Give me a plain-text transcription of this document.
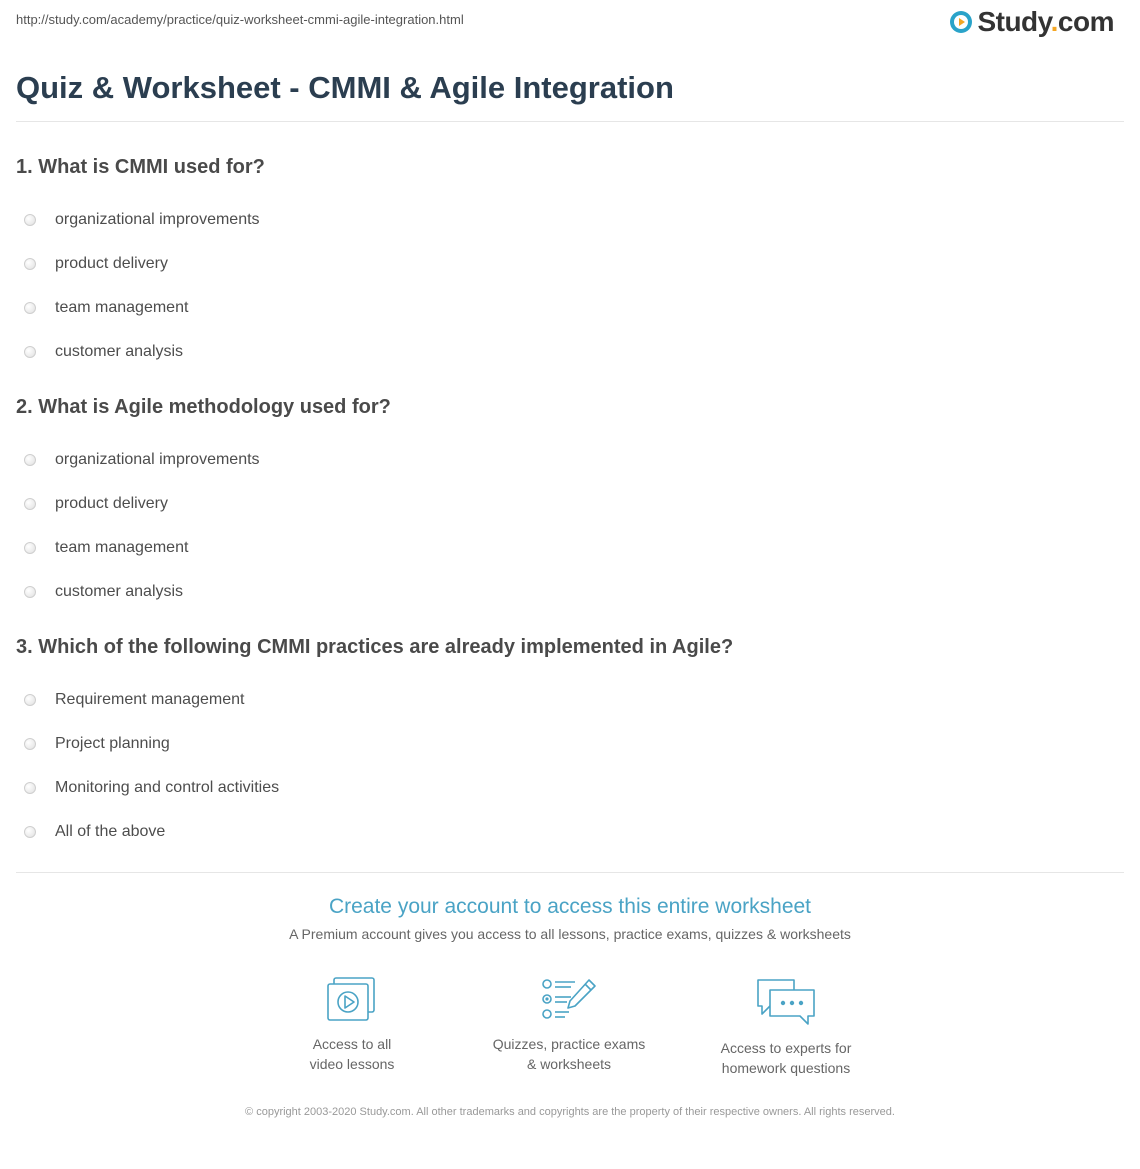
http://study.com/academy/practice/quiz-worksheet-cmmi-agile-integration.html	Study.com
Quiz & Worksheet - CMMI & Agile Integration
1. What is CMMI used for?
organizational improvements
product delivery
team management
customer analysis
2. What is Agile methodology used for?
organizational improvements
product delivery
team management
customer analysis
3. Which of the following CMMI practices are already implemented in Agile?
Requirement management
Project planning
Monitoring and control activities
All of the above
Create your account to access this entire worksheet
A Premium account gives you access to all lessons, practice exams, quizzes & worksheets
Access to all
video lessons
Quizzes, practice exams
& worksheets
Access to experts for
homework questions
© copyright 2003-2020 Study.com. All other trademarks and copyrights are the property of their respective owners. All rights reserved.
